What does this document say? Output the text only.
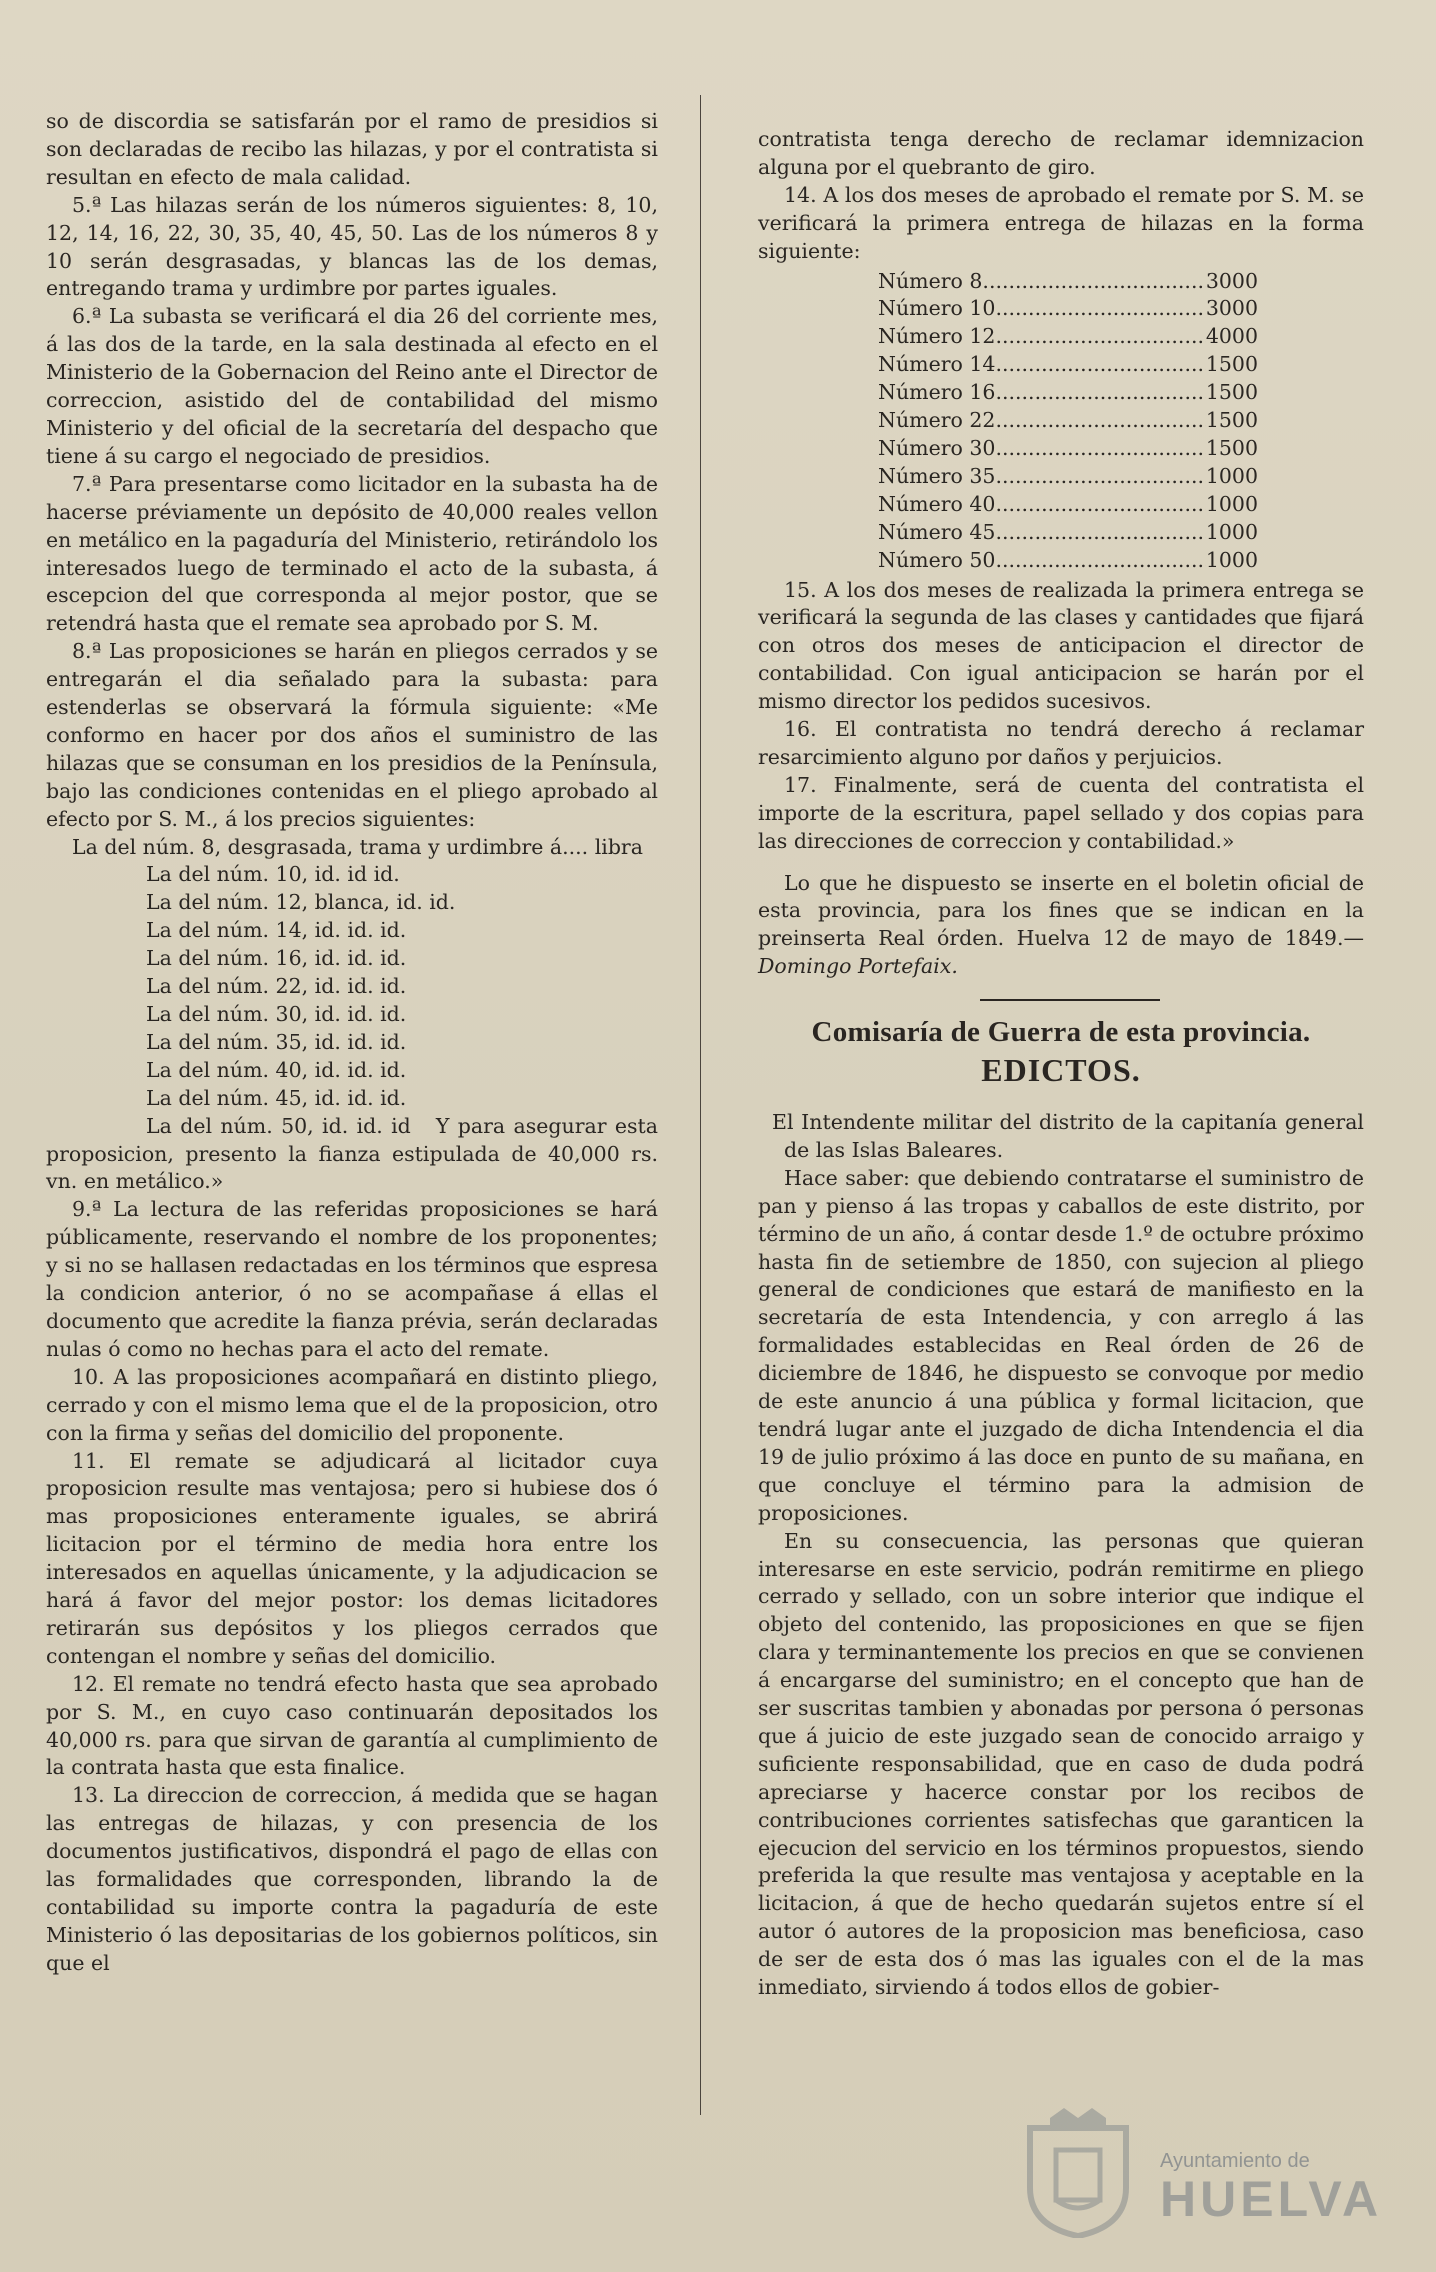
so de discordia se satisfarán por el ramo de presidios si son declaradas de recibo las hilazas, y por el contratista si resultan en efecto de mala calidad.

5.ª Las hilazas serán de los números siguientes: 8, 10, 12, 14, 16, 22, 30, 35, 40, 45, 50. Las de los números 8 y 10 serán desgrasadas, y blancas las de los demas, entregando trama y urdimbre por partes iguales.

6.ª La subasta se verificará el dia 26 del corriente mes, á las dos de la tarde, en la sala destinada al efecto en el Ministerio de la Gobernacion del Reino ante el Director de correccion, asistido del de contabilidad del mismo Ministerio y del oficial de la secretaría del despacho que tiene á su cargo el negociado de presidios.

7.ª Para presentarse como licitador en la subasta ha de hacerse préviamente un depósito de 40,000 reales vellon en metálico en la pagaduría del Ministerio, retirándolo los interesados luego de terminado el acto de la subasta, á escepcion del que corresponda al mejor postor, que se retendrá hasta que el remate sea aprobado por S. M.

8.ª Las proposiciones se harán en pliegos cerrados y se entregarán el dia señalado para la subasta: para estenderlas se observará la fórmula siguiente: «Me conformo en hacer por dos años el suministro de las hilazas que se consuman en los presidios de la Península, bajo las condiciones contenidas en el pliego aprobado al efecto por S. M., á los precios siguientes:

La del núm. 8, desgrasada, trama y urdimbre á.... libra

La del núm. 10, id. id id.

La del núm. 12, blanca, id. id.

La del núm. 14, id. id. id.

La del núm. 16, id. id. id.

La del núm. 22, id. id. id.

La del núm. 30, id. id. id.

La del núm. 35, id. id. id.

La del núm. 40, id. id. id.

La del núm. 45, id. id. id.

La del núm. 50, id. id. id Y para asegurar esta proposicion, presento la fianza estipulada de 40,000 rs. vn. en metálico.»

9.ª La lectura de las referidas proposiciones se hará públicamente, reservando el nombre de los proponentes; y si no se hallasen redactadas en los términos que espresa la condicion anterior, ó no se acompañase á ellas el documento que acredite la fianza prévia, serán declaradas nulas ó como no hechas para el acto del remate.

10. A las proposiciones acompañará en distinto pliego, cerrado y con el mismo lema que el de la proposicion, otro con la firma y señas del domicilio del proponente.

11. El remate se adjudicará al licitador cuya proposicion resulte mas ventajosa; pero si hubiese dos ó mas proposiciones enteramente iguales, se abrirá licitacion por el término de media hora entre los interesados en aquellas únicamente, y la adjudicacion se hará á favor del mejor postor: los demas licitadores retirarán sus depósitos y los pliegos cerrados que contengan el nombre y señas del domicilio.

12. El remate no tendrá efecto hasta que sea aprobado por S. M., en cuyo caso continuarán depositados los 40,000 rs. para que sirvan de garantía al cumplimiento de la contrata hasta que esta finalice.

13. La direccion de correccion, á medida que se hagan las entregas de hilazas, y con presencia de los documentos justificativos, dispondrá el pago de ellas con las formalidades que corresponden, librando la de contabilidad su importe contra la pagaduría de este Ministerio ó las depositarias de los gobiernos políticos, sin que el

contratista tenga derecho de reclamar idemnizacion alguna por el quebranto de giro.

14. A los dos meses de aprobado el remate por S. M. se verificará la primera entrega de hilazas en la forma siguiente:

Número 8 .....	3000
Número 10 .....	3000
Número 12 .....	4000
Número 14 .....	1500
Número 16 .....	1500
Número 22 .....	1500
Número 30 .....	1500
Número 35 .....	1000
Número 40 .....	1000
Número 45 .....	1000
Número 50 .....	1000

15. A los dos meses de realizada la primera entrega se verificará la segunda de las clases y cantidades que fijará con otros dos meses de anticipacion el director de contabilidad. Con igual anticipacion se harán por el mismo director los pedidos sucesivos.

16. El contratista no tendrá derecho á reclamar resarcimiento alguno por daños y perjuicios.

17. Finalmente, será de cuenta del contratista el importe de la escritura, papel sellado y dos copias para las direcciones de correccion y contabilidad.»

Lo que he dispuesto se inserte en el boletin oficial de esta provincia, para los fines que se indican en la preinserta Real órden. Huelva 12 de mayo de 1849.—Domingo Portefaix.

Comisaría de Guerra de esta provincia.
EDICTOS.

El Intendente militar del distrito de la capitanía general de las Islas Baleares.

Hace saber: que debiendo contratarse el suministro de pan y pienso á las tropas y caballos de este distrito, por término de un año, á contar desde 1.º de octubre próximo hasta fin de setiembre de 1850, con sujecion al pliego general de condiciones que estará de manifiesto en la secretaría de esta Intendencia, y con arreglo á las formalidades establecidas en Real órden de 26 de diciembre de 1846, he dispuesto se convoque por medio de este anuncio á una pública y formal licitacion, que tendrá lugar ante el juzgado de dicha Intendencia el dia 19 de julio próximo á las doce en punto de su mañana, en que concluye el término para la admision de proposiciones.

En su consecuencia, las personas que quieran interesarse en este servicio, podrán remitirme en pliego cerrado y sellado, con un sobre interior que indique el objeto del contenido, las proposiciones en que se fijen clara y terminantemente los precios en que se convienen á encargarse del suministro; en el concepto que han de ser suscritas tambien y abonadas por persona ó personas que á juicio de este juzgado sean de conocido arraigo y suficiente responsabilidad, que en caso de duda podrá apreciarse y hacerce constar por los recibos de contribuciones corrientes satisfechas que garanticen la ejecucion del servicio en los términos propuestos, siendo preferida la que resulte mas ventajosa y aceptable en la licitacion, á que de hecho quedarán sujetos entre sí el autor ó autores de la proposicion mas beneficiosa, caso de ser de esta dos ó mas las iguales con el de la mas inmediato, sirviendo á todos ellos de gobier-

Ayuntamiento de
HUELVA
